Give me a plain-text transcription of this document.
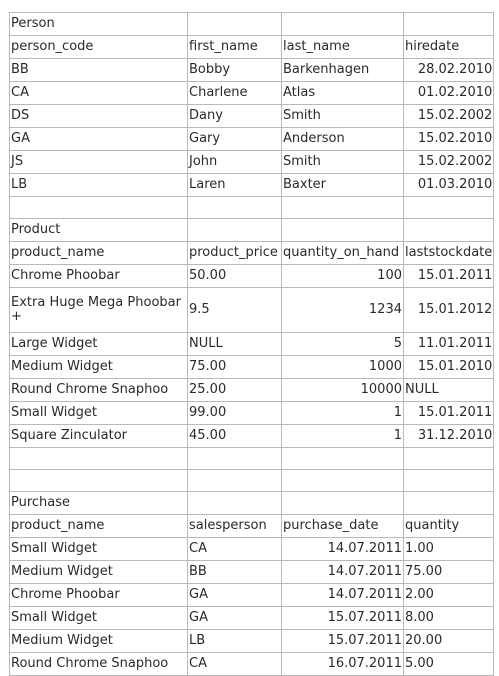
Person			
person_code	first_name	last_name	hiredate
BB	Bobby	Barkenhagen	28.02.2010
CA	Charlene	Atlas	01.02.2010
DS	Dany	Smith	15.02.2002
GA	Gary	Anderson	15.02.2010
JS	John	Smith	15.02.2002
LB	Laren	Baxter	01.03.2010

Product			
product_name	product_price	quantity_on_hand	laststockdate
Chrome Phoobar	50.00	100	15.01.2011
Extra Huge Mega Phoobar +	9.5	1234	15.01.2012
Large Widget	NULL	5	11.01.2011
Medium Widget	75.00	1000	15.01.2010
Round Chrome Snaphoo	25.00	10000	NULL
Small Widget	99.00	1	15.01.2011
Square Zinculator	45.00	1	31.12.2010

Purchase			
product_name	salesperson	purchase_date	quantity
Small Widget	CA	14.07.2011	1.00
Medium Widget	BB	14.07.2011	75.00
Chrome Phoobar	GA	14.07.2011	2.00
Small Widget	GA	15.07.2011	8.00
Medium Widget	LB	15.07.2011	20.00
Round Chrome Snaphoo	CA	16.07.2011	5.00
